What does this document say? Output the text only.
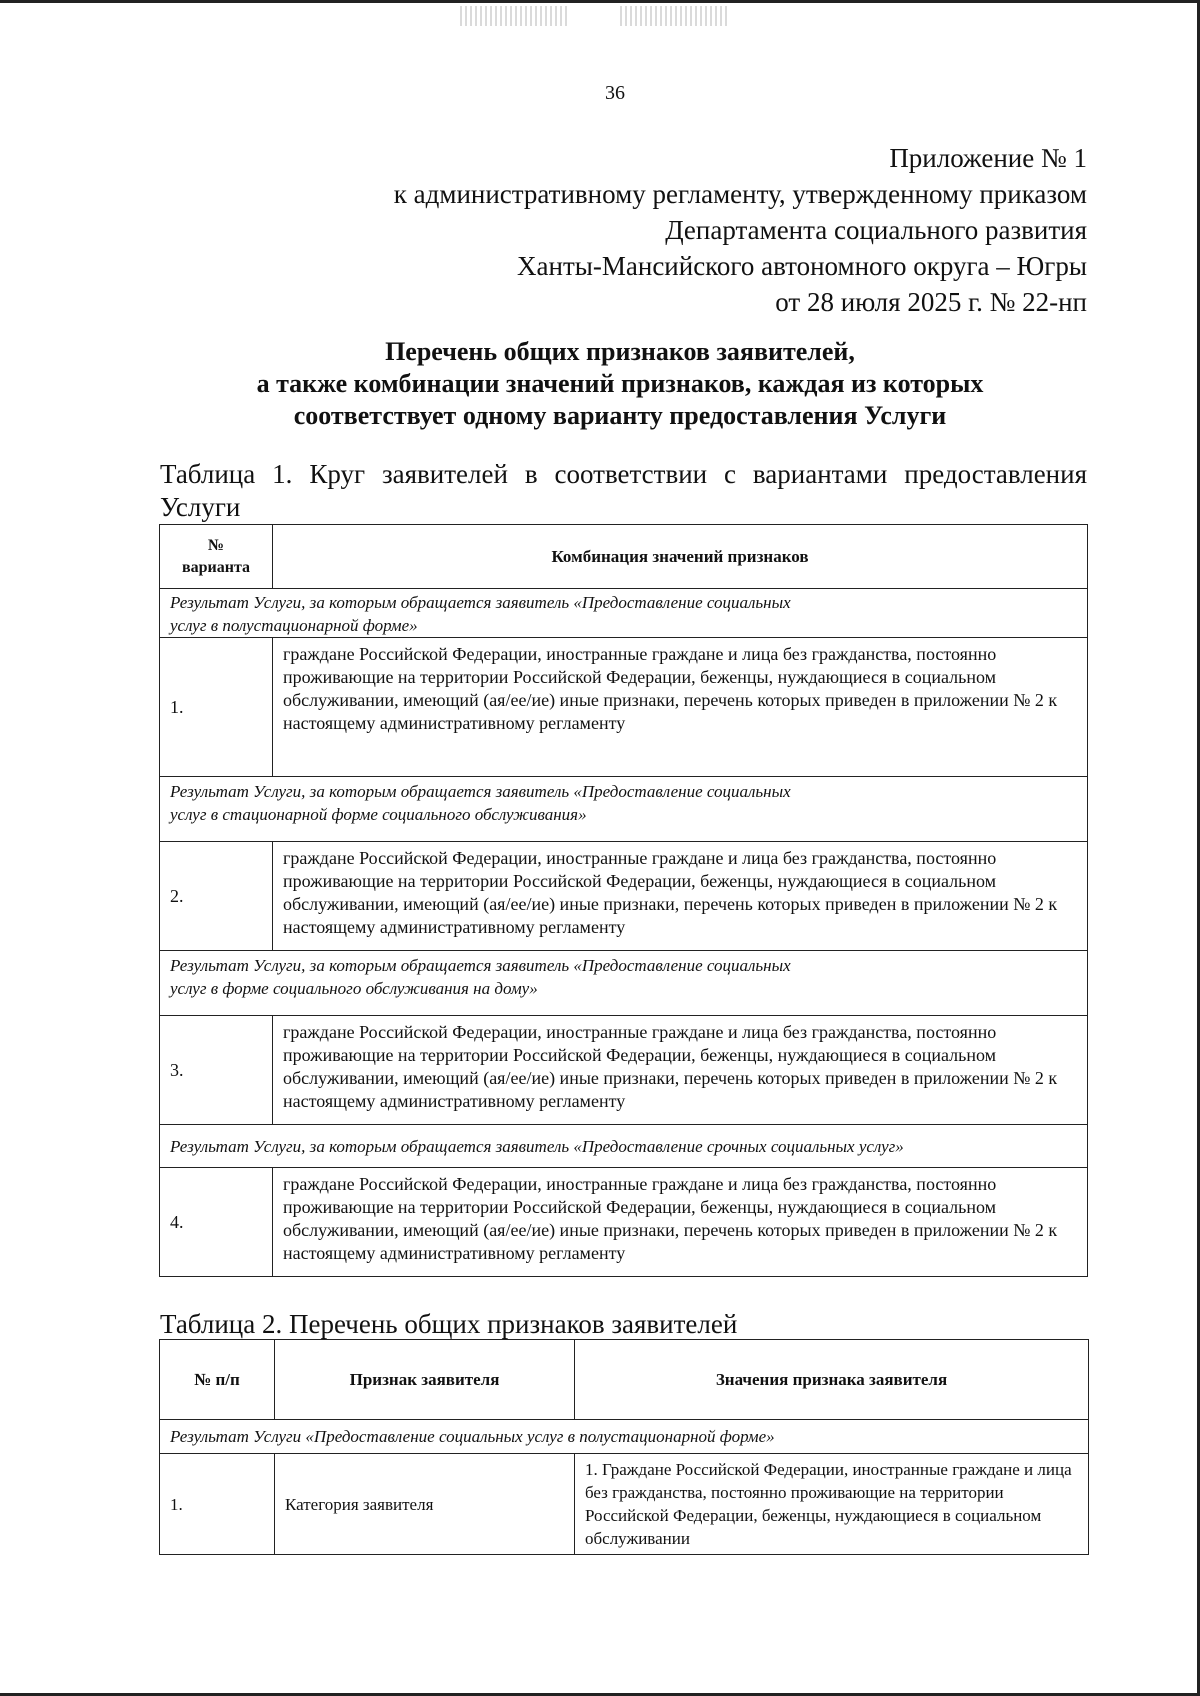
36
Приложение № 1
к административному регламенту, утвержденному приказом
Департамента социального развития
Ханты-Мансийского автономного округа – Югры
от 28 июля 2025 г. № 22-нп
Перечень общих признаков заявителей,
а также комбинации значений признаков, каждая из которых
соответствует одному варианту предоставления Услуги
Таблица 1. Круг заявителей в соответствии с вариантами предоставления
Услуги
№
варианта	Комбинация значений признаков
Результат Услуги, за которым обращается заявитель «Предоставление социальных
услуг в полустационарной форме»	
1.	граждане Российской Федерации, иностранные граждане и лица без гражданства, постоянно проживающие на территории Российской Федерации, беженцы, нуждающиеся в социальном обслуживании, имеющий (ая/ее/ие) иные признаки, перечень которых приведен в приложении № 2 к настоящему административному регламенту
Результат Услуги, за которым обращается заявитель «Предоставление социальных
услуг в стационарной форме социального обслуживания»	
2.	граждане Российской Федерации, иностранные граждане и лица без гражданства, постоянно проживающие на территории Российской Федерации, беженцы, нуждающиеся в социальном обслуживании, имеющий (ая/ее/ие) иные признаки, перечень которых приведен в приложении № 2 к настоящему административному регламенту
Результат Услуги, за которым обращается заявитель «Предоставление социальных
услуг в форме социального обслуживания на дому»	
3.	граждане Российской Федерации, иностранные граждане и лица без гражданства, постоянно проживающие на территории Российской Федерации, беженцы, нуждающиеся в социальном обслуживании, имеющий (ая/ее/ие) иные признаки, перечень которых приведен в приложении № 2 к настоящему административному регламенту
Результат Услуги, за которым обращается заявитель «Предоставление срочных социальных услуг»	
4.	граждане Российской Федерации, иностранные граждане и лица без гражданства, постоянно проживающие на территории Российской Федерации, беженцы, нуждающиеся в социальном обслуживании, имеющий (ая/ее/ие) иные признаки, перечень которых приведен в приложении № 2 к настоящему административному регламенту
Таблица 2. Перечень общих признаков заявителей
№ п/п	Признак заявителя	Значения признака заявителя
Результат Услуги «Предоставление социальных услуг в полустационарной форме»		
1.	Категория заявителя	1. Граждане Российской Федерации, иностранные граждане и лица без гражданства, постоянно проживающие на территории Российской Федерации, беженцы, нуждающиеся в социальном обслуживании
